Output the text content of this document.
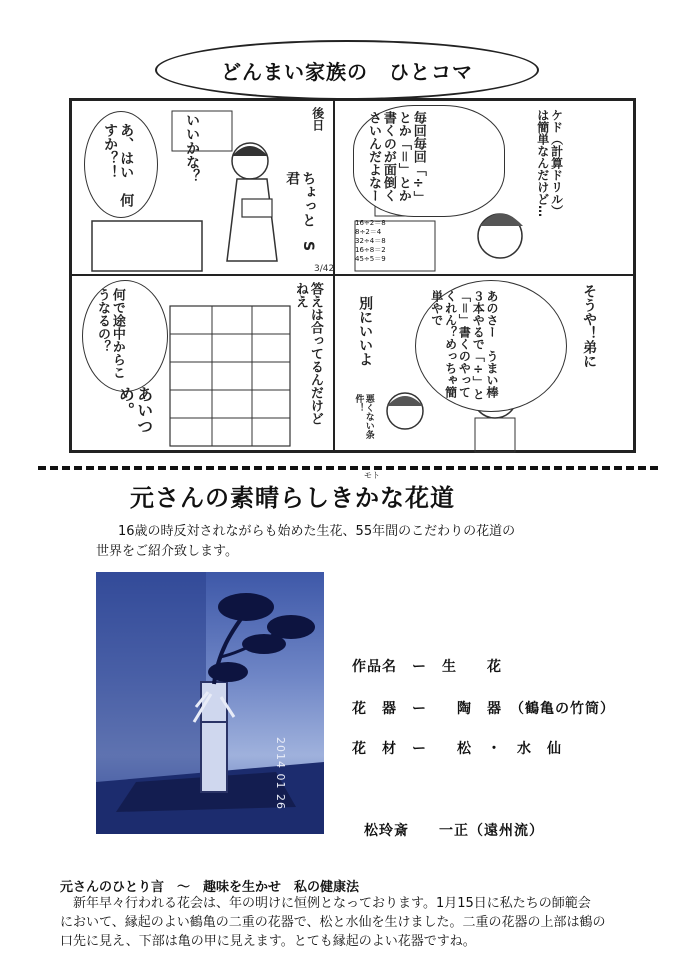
どんまい家族の　ひとコマ
あ、はい　何すか？！	いいかな？	後日
ちょっと　S君	毎回毎回「÷」とか「＝」とか書くのが面倒くさいんだよなー	ケド（計算ドリル）は簡単なんだけど…
16÷2＝8
8÷2＝4
32÷4＝8
16÷8＝2
45÷5＝9
何で途中からこうなるの？	答えは合ってるんだけどねえ
あいつめ。
3/42
あのさー　うまい棒３本やるで「÷」と「＝」書くのやってくれん？めっちゃ簡単やで	そうや！弟に
別にいいよ
悪くない条件！
モト
元さんの素晴らしきかな花道
16歳の時反対されながらも始めた生花、55年間のこだわりの花道の
世界をご紹介致します。
2014 01 26
作品名　ー　生　　花
花　器　ー　　陶　器　（鶴亀の竹筒）
花　材　ー　　松　・　水　仙
松玲斎　　一正（遠州流）
元さんのひとり言　～　趣味を生かせ　私の健康法
　新年早々行われる花会は、年の明けに恒例となっております。1月15日に私たちの師範会
において、縁起のよい鶴亀の二重の花器で、松と水仙を生けました。二重の花器の上部は鶴の
口先に見え、下部は亀の甲に見えます。とても縁起のよい花器ですね。
